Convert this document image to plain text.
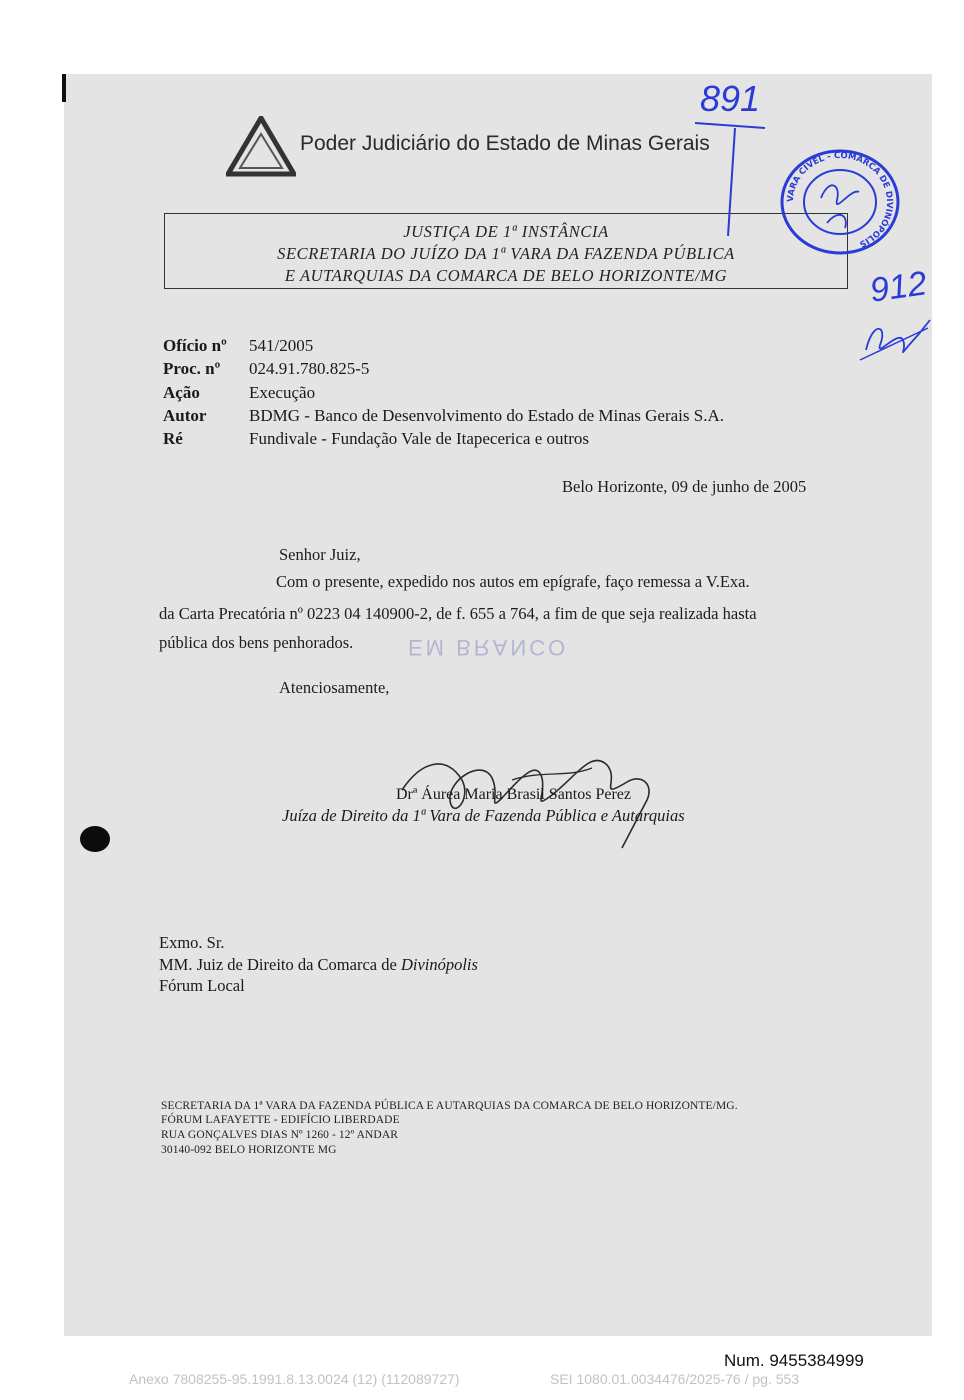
Poder Judiciário do Estado de Minas Gerais
JUSTIÇA DE 1ª INSTÂNCIA
SECRETARIA DO JUÍZO DA 1ª VARA DA FAZENDA PÚBLICA
E AUTARQUIAS DA COMARCA DE BELO HORIZONTE/MG
Ofício nº 541/2005
Proc. nº 024.91.780.825-5
Ação	Execução
Autor	BDMG - Banco de Desenvolvimento do Estado de Minas Gerais S.A.
Ré	Fundivale - Fundação Vale de Itapecerica e outros
Belo Horizonte, 09 de junho de 2005
Senhor Juiz,
Com o presente, expedido nos autos em epígrafe, faço remessa a V.Exa.
da Carta Precatória nº 0223 04 140900-2, de f. 655 a 764, a fim de que seja realizada hasta
pública dos bens penhorados. EM BRANCO
Atenciosamente,
Drª Áurea Maria Brasil Santos Perez
Juíza de Direito da 1ª Vara de Fazenda Pública e Autarquias
Exmo. Sr.
MM. Juiz de Direito da Comarca de Divinópolis
Fórum Local
SECRETARIA DA 1ª VARA DA FAZENDA PÚBLICA E AUTARQUIAS DA COMARCA DE BELO HORIZONTE/MG.
FÓRUM LAFAYETTE - EDIFÍCIO LIBERDADE
RUA GONÇALVES DIAS Nº 1260 - 12º ANDAR
30140-092 BELO HORIZONTE MG
891
912
VARA CÍVEL - COMARCA DE DIVINÓPOLIS
Num. 9455384999
Anexo 7808255-95.1991.8.13.0024 (12) (112089727)	SEI 1080.01.0034476/2025-76 / pg. 553
